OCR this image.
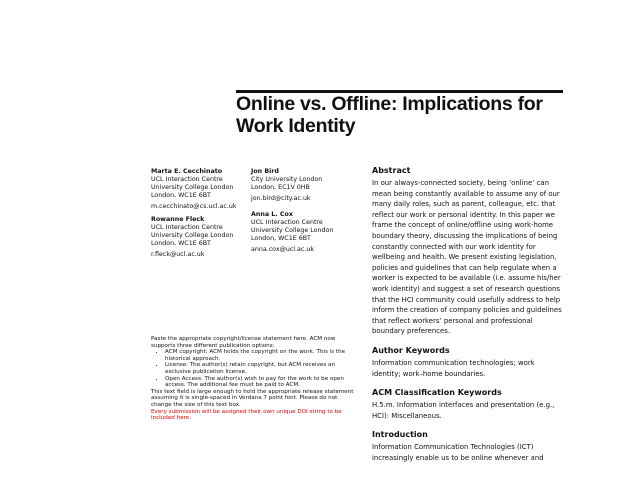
Online vs. Offline: Implications for
Work Identity
Marta E. Cecchinato
UCL Interaction Centre
University College London
London, WC1E 6BT
m.cecchinato@cs.ucl.ac.uk
Rowanne Fleck
UCL Interaction Centre
University College London
London, WC1E 6BT
r.fleck@ucl.ac.uk
Jon Bird
City University London
London, EC1V 0HB
jon.bird@city.ac.uk
Anna L. Cox
UCL Interaction Centre
University College London
London, WC1E 6BT
anna.cox@ucl.ac.uk
Paste the appropriate copyright/license statement here. ACM now
supports three different publication options:
• ACM copyright: ACM holds the copyright on the work. This is the
historical approach.
• License: The author(s) retain copyright, but ACM receives an
exclusive publication license.
• Open Access: The author(s) wish to pay for the work to be open
access. The additional fee must be paid to ACM.
This text field is large enough to hold the appropriate release statement
assuming it is single-spaced in Verdana 7 point font. Please do not
change the size of this text box.
Every submission will be assigned their own unique DOI string to be
included here.
Abstract
In our always-connected society, being ‘online’ can
mean being constantly available to assume any of our
many daily roles, such as parent, colleague, etc. that
reflect our work or personal identity. In this paper we
frame the concept of online/offline using work-home
boundary theory, discussing the implications of being
constantly connected with our work identity for
wellbeing and health. We present existing legislation,
policies and guidelines that can help regulate when a
worker is expected to be available (i.e. assume his/her
work identity) and suggest a set of research questions
that the HCI community could usefully address to help
inform the creation of company policies and guidelines
that reflect workers’ personal and professional
boundary preferences.
Author Keywords
Information communication technologies; work
identity; work–home boundaries.
ACM Classification Keywords
H.5.m. Information interfaces and presentation (e.g.,
HCI): Miscellaneous.
Introduction
Information Communication Technologies (ICT)
increasingly enable us to be online whenever and
